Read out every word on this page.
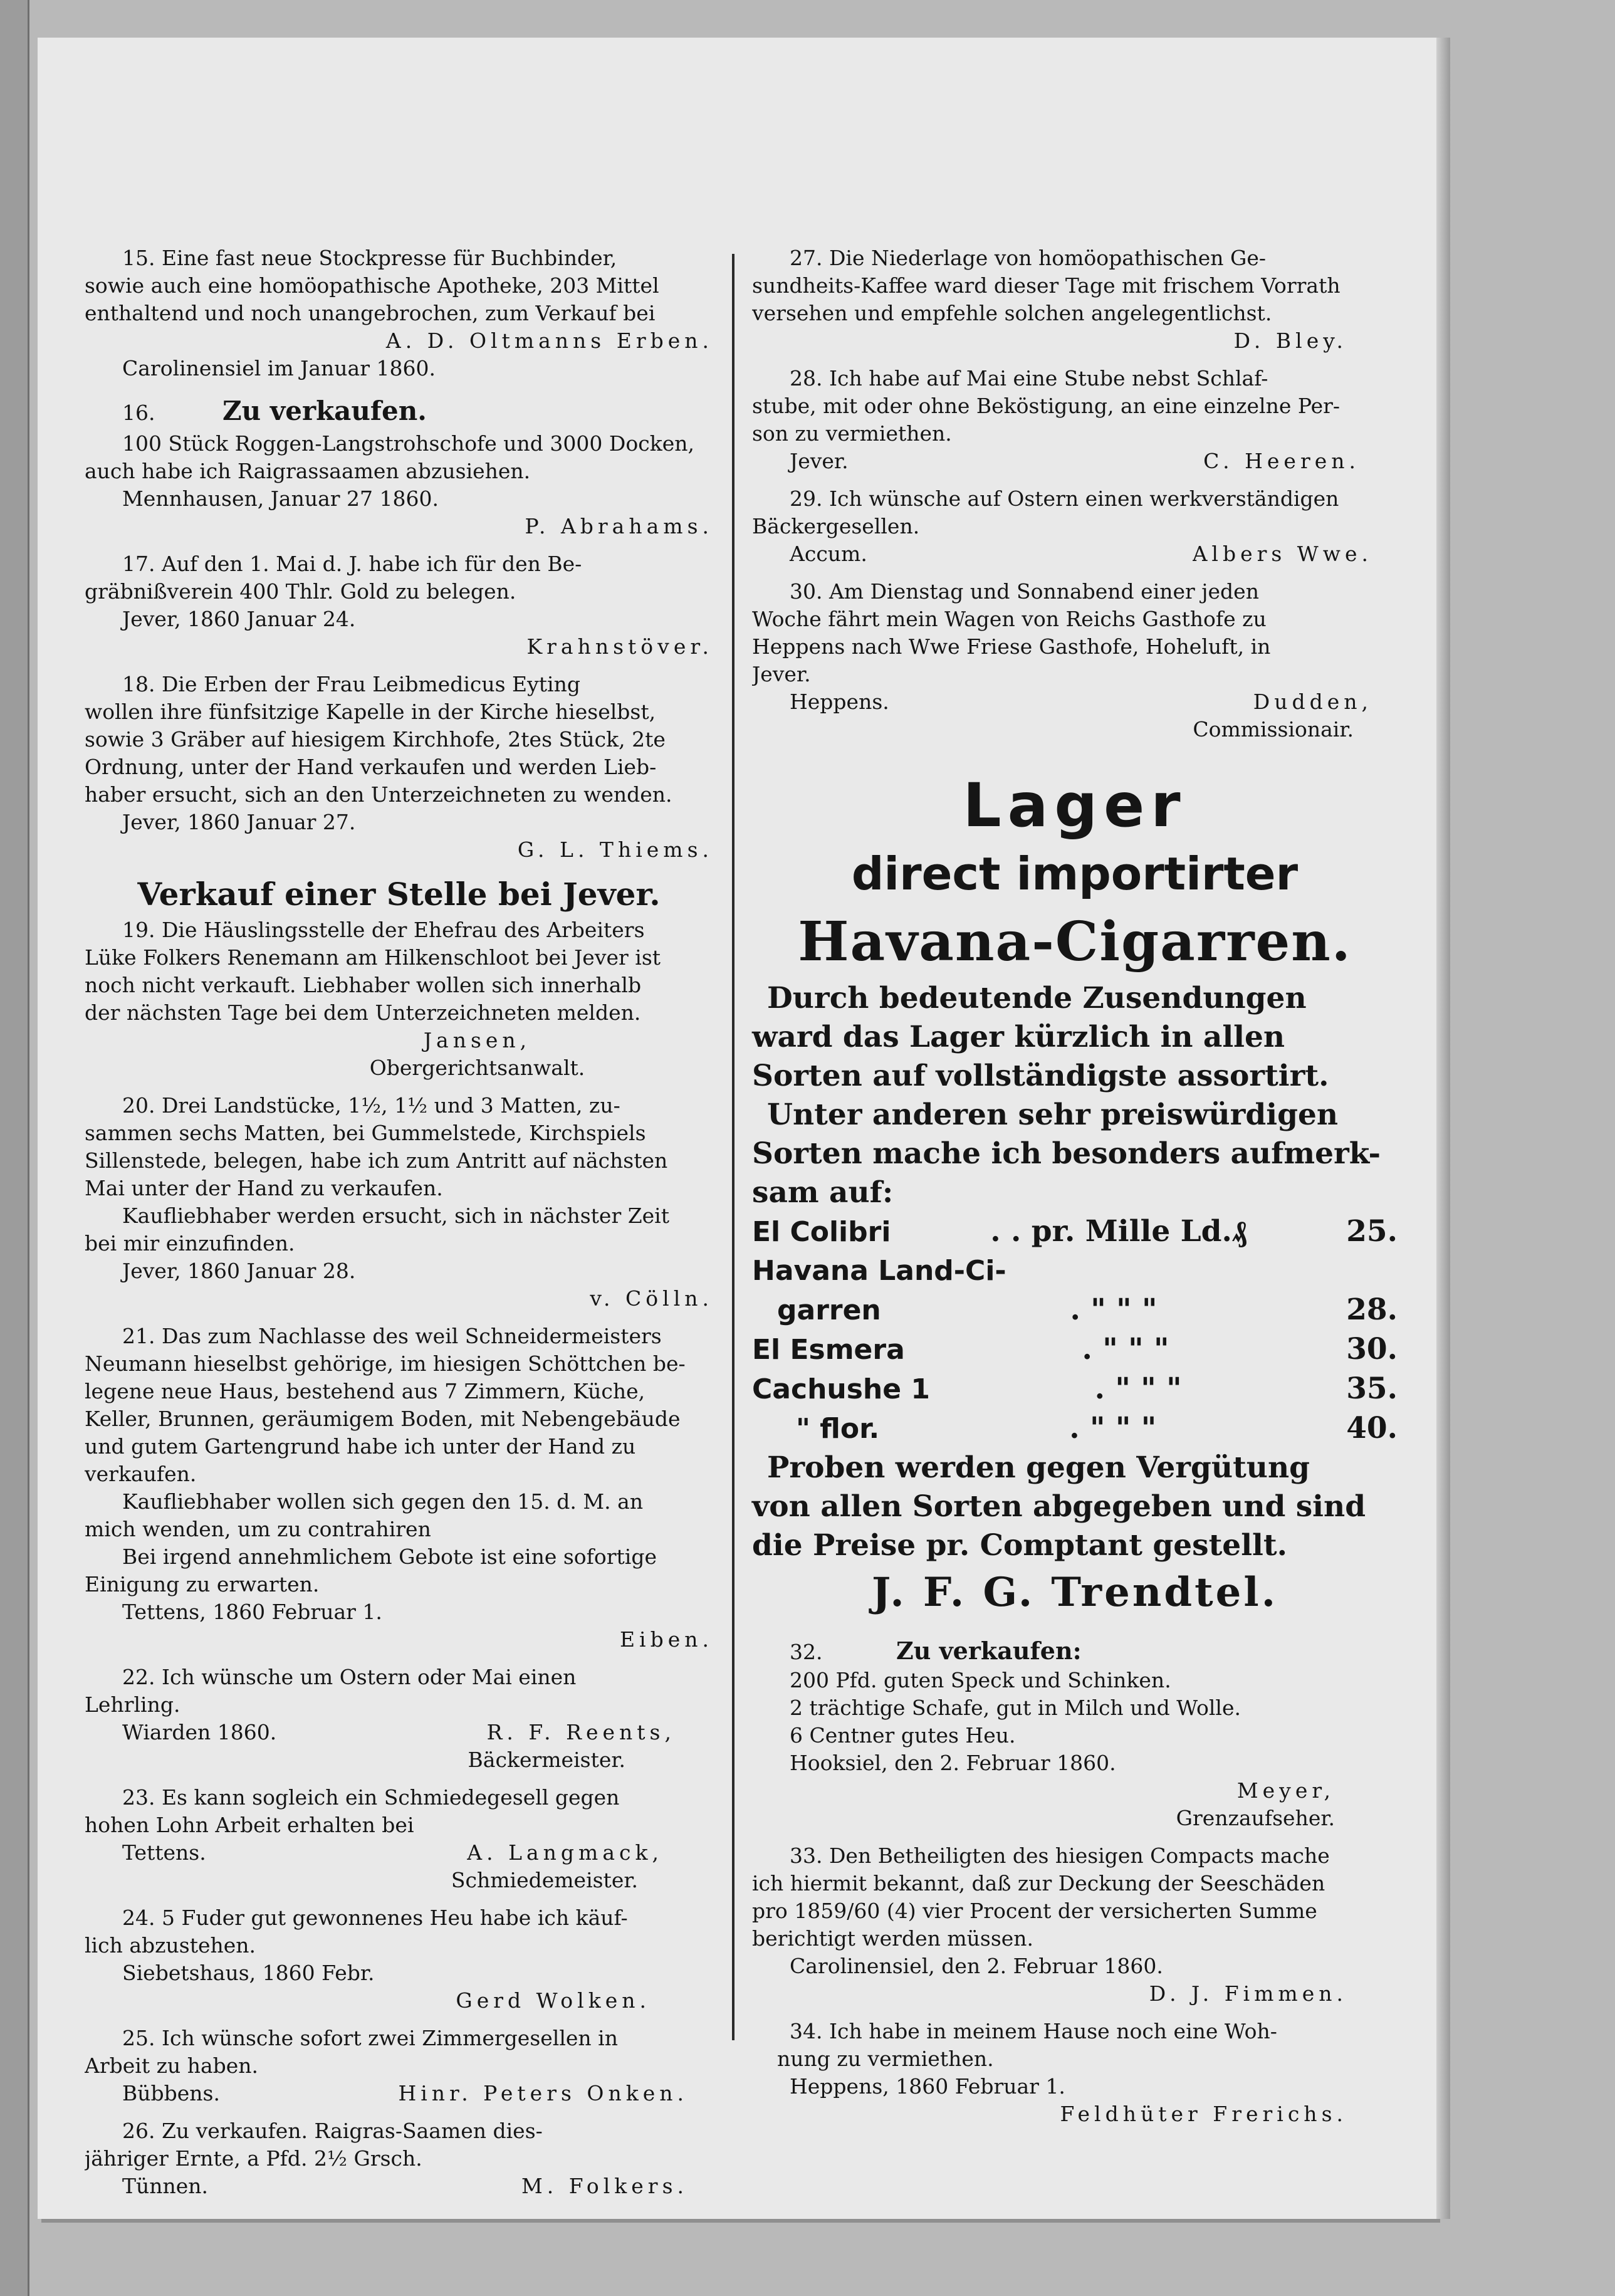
15. Eine fast neue Stockpresse für Buchbinder,
sowie auch eine homöopathische Apotheke, 203 Mittel
enthaltend und noch unangebrochen, zum Verkauf bei
A. D. Oltmanns Erben.
Carolinensiel im Januar 1860.
16.	Zu verkaufen.
100 Stück Roggen-Langstrohschofe und 3000 Docken,
auch habe ich Raigrassaamen abzusiehen.
Mennhausen, Januar 27 1860.
P. Abrahams.
17. Auf den 1. Mai d. J. habe ich für den Be-
gräbnißverein 400 Thlr. Gold zu belegen.
Jever, 1860 Januar 24.
Krahnstöver.
18. Die Erben der Frau Leibmedicus Eyting
wollen ihre fünfsitzige Kapelle in der Kirche hieselbst,
sowie 3 Gräber auf hiesigem Kirchhofe, 2tes Stück, 2te
Ordnung, unter der Hand verkaufen und werden Lieb-
haber ersucht, sich an den Unterzeichneten zu wenden.
Jever, 1860 Januar 27.
G. L. Thiems.
Verkauf einer Stelle bei Jever.
19. Die Häuslingsstelle der Ehefrau des Arbeiters
Lüke Folkers Renemann am Hilkenschloot bei Jever ist
noch nicht verkauft. Liebhaber wollen sich innerhalb
der nächsten Tage bei dem Unterzeichneten melden.
Jansen,
Obergerichtsanwalt.
20. Drei Landstücke, 1½, 1½ und 3 Matten, zu-
sammen sechs Matten, bei Gummelstede, Kirchspiels
Sillenstede, belegen, habe ich zum Antritt auf nächsten
Mai unter der Hand zu verkaufen.
Kaufliebhaber werden ersucht, sich in nächster Zeit
bei mir einzufinden.
Jever, 1860 Januar 28.
v. Cölln.
21. Das zum Nachlasse des weil Schneidermeisters
Neumann hieselbst gehörige, im hiesigen Schöttchen be-
legene neue Haus, bestehend aus 7 Zimmern, Küche,
Keller, Brunnen, geräumigem Boden, mit Nebengebäude
und gutem Gartengrund habe ich unter der Hand zu
verkaufen.
Kaufliebhaber wollen sich gegen den 15. d. M. an
mich wenden, um zu contrahiren
Bei irgend annehmlichem Gebote ist eine sofortige
Einigung zu erwarten.
Tettens, 1860 Februar 1.
Eiben.
22. Ich wünsche um Ostern oder Mai einen
Lehrling.
Wiarden 1860.	R. F. Reents,
Bäckermeister.
23. Es kann sogleich ein Schmiedegesell gegen
hohen Lohn Arbeit erhalten bei
Tettens.	A. Langmack,
Schmiedemeister.
24. 5 Fuder gut gewonnenes Heu habe ich käuf-
lich abzustehen.
Siebetshaus, 1860 Febr.
Gerd Wolken.
25. Ich wünsche sofort zwei Zimmergesellen in
Arbeit zu haben.
Bübbens.	Hinr. Peters Onken.
26. Zu verkaufen. Raigras-Saamen dies-
jähriger Ernte, a Pfd. 2½ Grsch.
Tünnen.	M. Folkers.
27. Die Niederlage von homöopathischen Ge-
sundheits-Kaffee ward dieser Tage mit frischem Vorrath
versehen und empfehle solchen angelegentlichst.
D. Bley.
28. Ich habe auf Mai eine Stube nebst Schlaf-
stube, mit oder ohne Beköstigung, an eine einzelne Per-
son zu vermiethen.
Jever.	C. Heeren.
29. Ich wünsche auf Ostern einen werkverständigen
Bäckergesellen.
Accum.	Albers Wwe.
30. Am Dienstag und Sonnabend einer jeden
Woche fährt mein Wagen von Reichs Gasthofe zu
Heppens nach Wwe Friese Gasthofe, Hoheluft, in
Jever.
Heppens.	Dudden,
Commissionair.
Lager
direct importirter
Havana-Cigarren.
Durch bedeutende Zusendungen
ward das Lager kürzlich in allen
Sorten auf vollständigste assortirt.
Unter anderen sehr preiswürdigen
Sorten mache ich besonders aufmerk-
sam auf:
El Colibri	. . pr. Mille Ld.₰	25.
Havana Land-Ci-
garren	. " " "	28.
El Esmera	. " " "	30.
Cachushe 1	. " " "	35.
" flor.	. " " "	40.
Proben werden gegen Vergütung
von allen Sorten abgegeben und sind
die Preise pr. Comptant gestellt.
J. F. G. Trendtel.
32.	Zu verkaufen:
200 Pfd. guten Speck und Schinken.
2 trächtige Schafe, gut in Milch und Wolle.
6 Centner gutes Heu.
Hooksiel, den 2. Februar 1860.
Meyer,
Grenzaufseher.
33. Den Betheiligten des hiesigen Compacts mache
ich hiermit bekannt, daß zur Deckung der Seeschäden
pro 1859/60 (4) vier Procent der versicherten Summe
berichtigt werden müssen.
Carolinensiel, den 2. Februar 1860.
D. J. Fimmen.
34. Ich habe in meinem Hause noch eine Woh-
nung zu vermiethen.
Heppens, 1860 Februar 1.
Feldhüter Frerichs.
